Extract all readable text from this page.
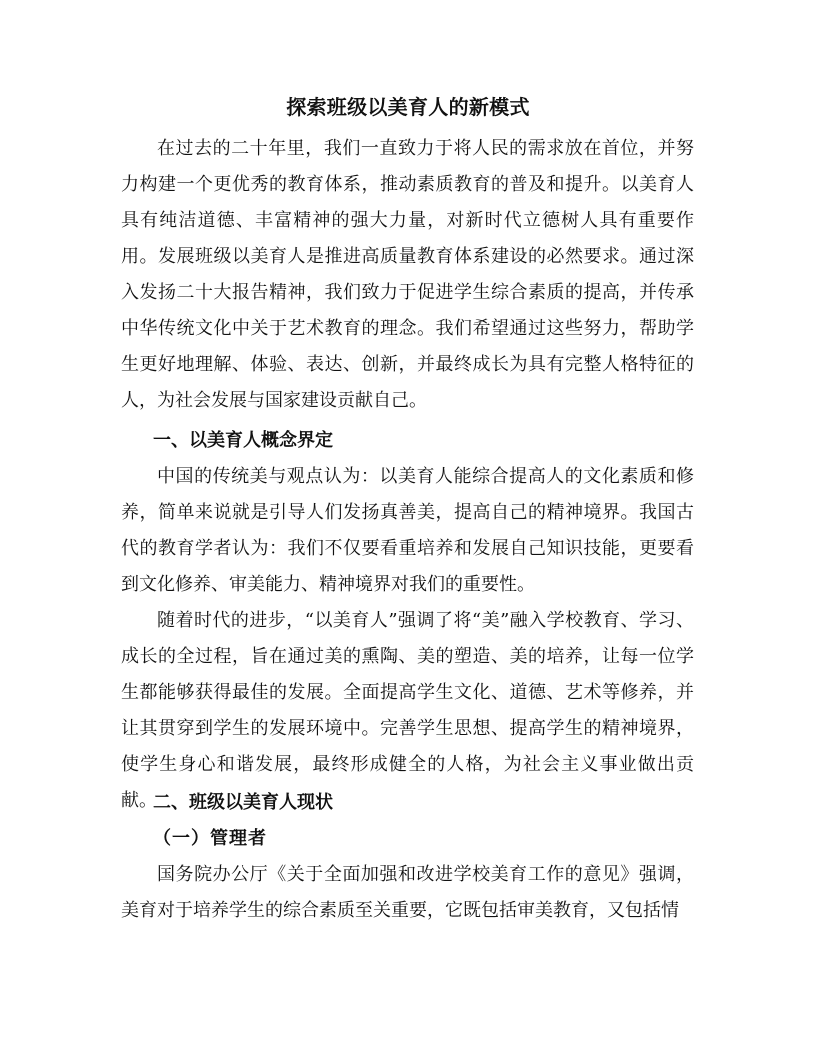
探索班级以美育人的新模式

在过去的二十年里，我们一直致力于将人民的需求放在首位，并努力构建一个更优秀的教育体系，推动素质教育的普及和提升。以美育人具有纯洁道德、丰富精神的强大力量，对新时代立德树人具有重要作用。发展班级以美育人是推进高质量教育体系建设的必然要求。通过深入发扬二十大报告精神，我们致力于促进学生综合素质的提高，并传承中华传统文化中关于艺术教育的理念。我们希望通过这些努力，帮助学生更好地理解、体验、表达、创新，并最终成长为具有完整人格特征的人，为社会发展与国家建设贡献自己。

一、以美育人概念界定

中国的传统美与观点认为：以美育人能综合提高人的文化素质和修养，简单来说就是引导人们发扬真善美，提高自己的精神境界。我国古代的教育学者认为：我们不仅要看重培养和发展自己知识技能，更要看到文化修养、审美能力、精神境界对我们的重要性。

随着时代的进步，“以美育人”强调了将“美”融入学校教育、学习、成长的全过程，旨在通过美的熏陶、美的塑造、美的培养，让每一位学生都能够获得最佳的发展。全面提高学生文化、道德、艺术等修养，并让其贯穿到学生的发展环境中。完善学生思想、提高学生的精神境界，使学生身心和谐发展，最终形成健全的人格，为社会主义事业做出贡献。

二、班级以美育人现状
（一）管理者

国务院办公厅《关于全面加强和改进学校美育工作的意见》强调，美育对于培养学生的综合素质至关重要，它既包括审美教育，又包括情
